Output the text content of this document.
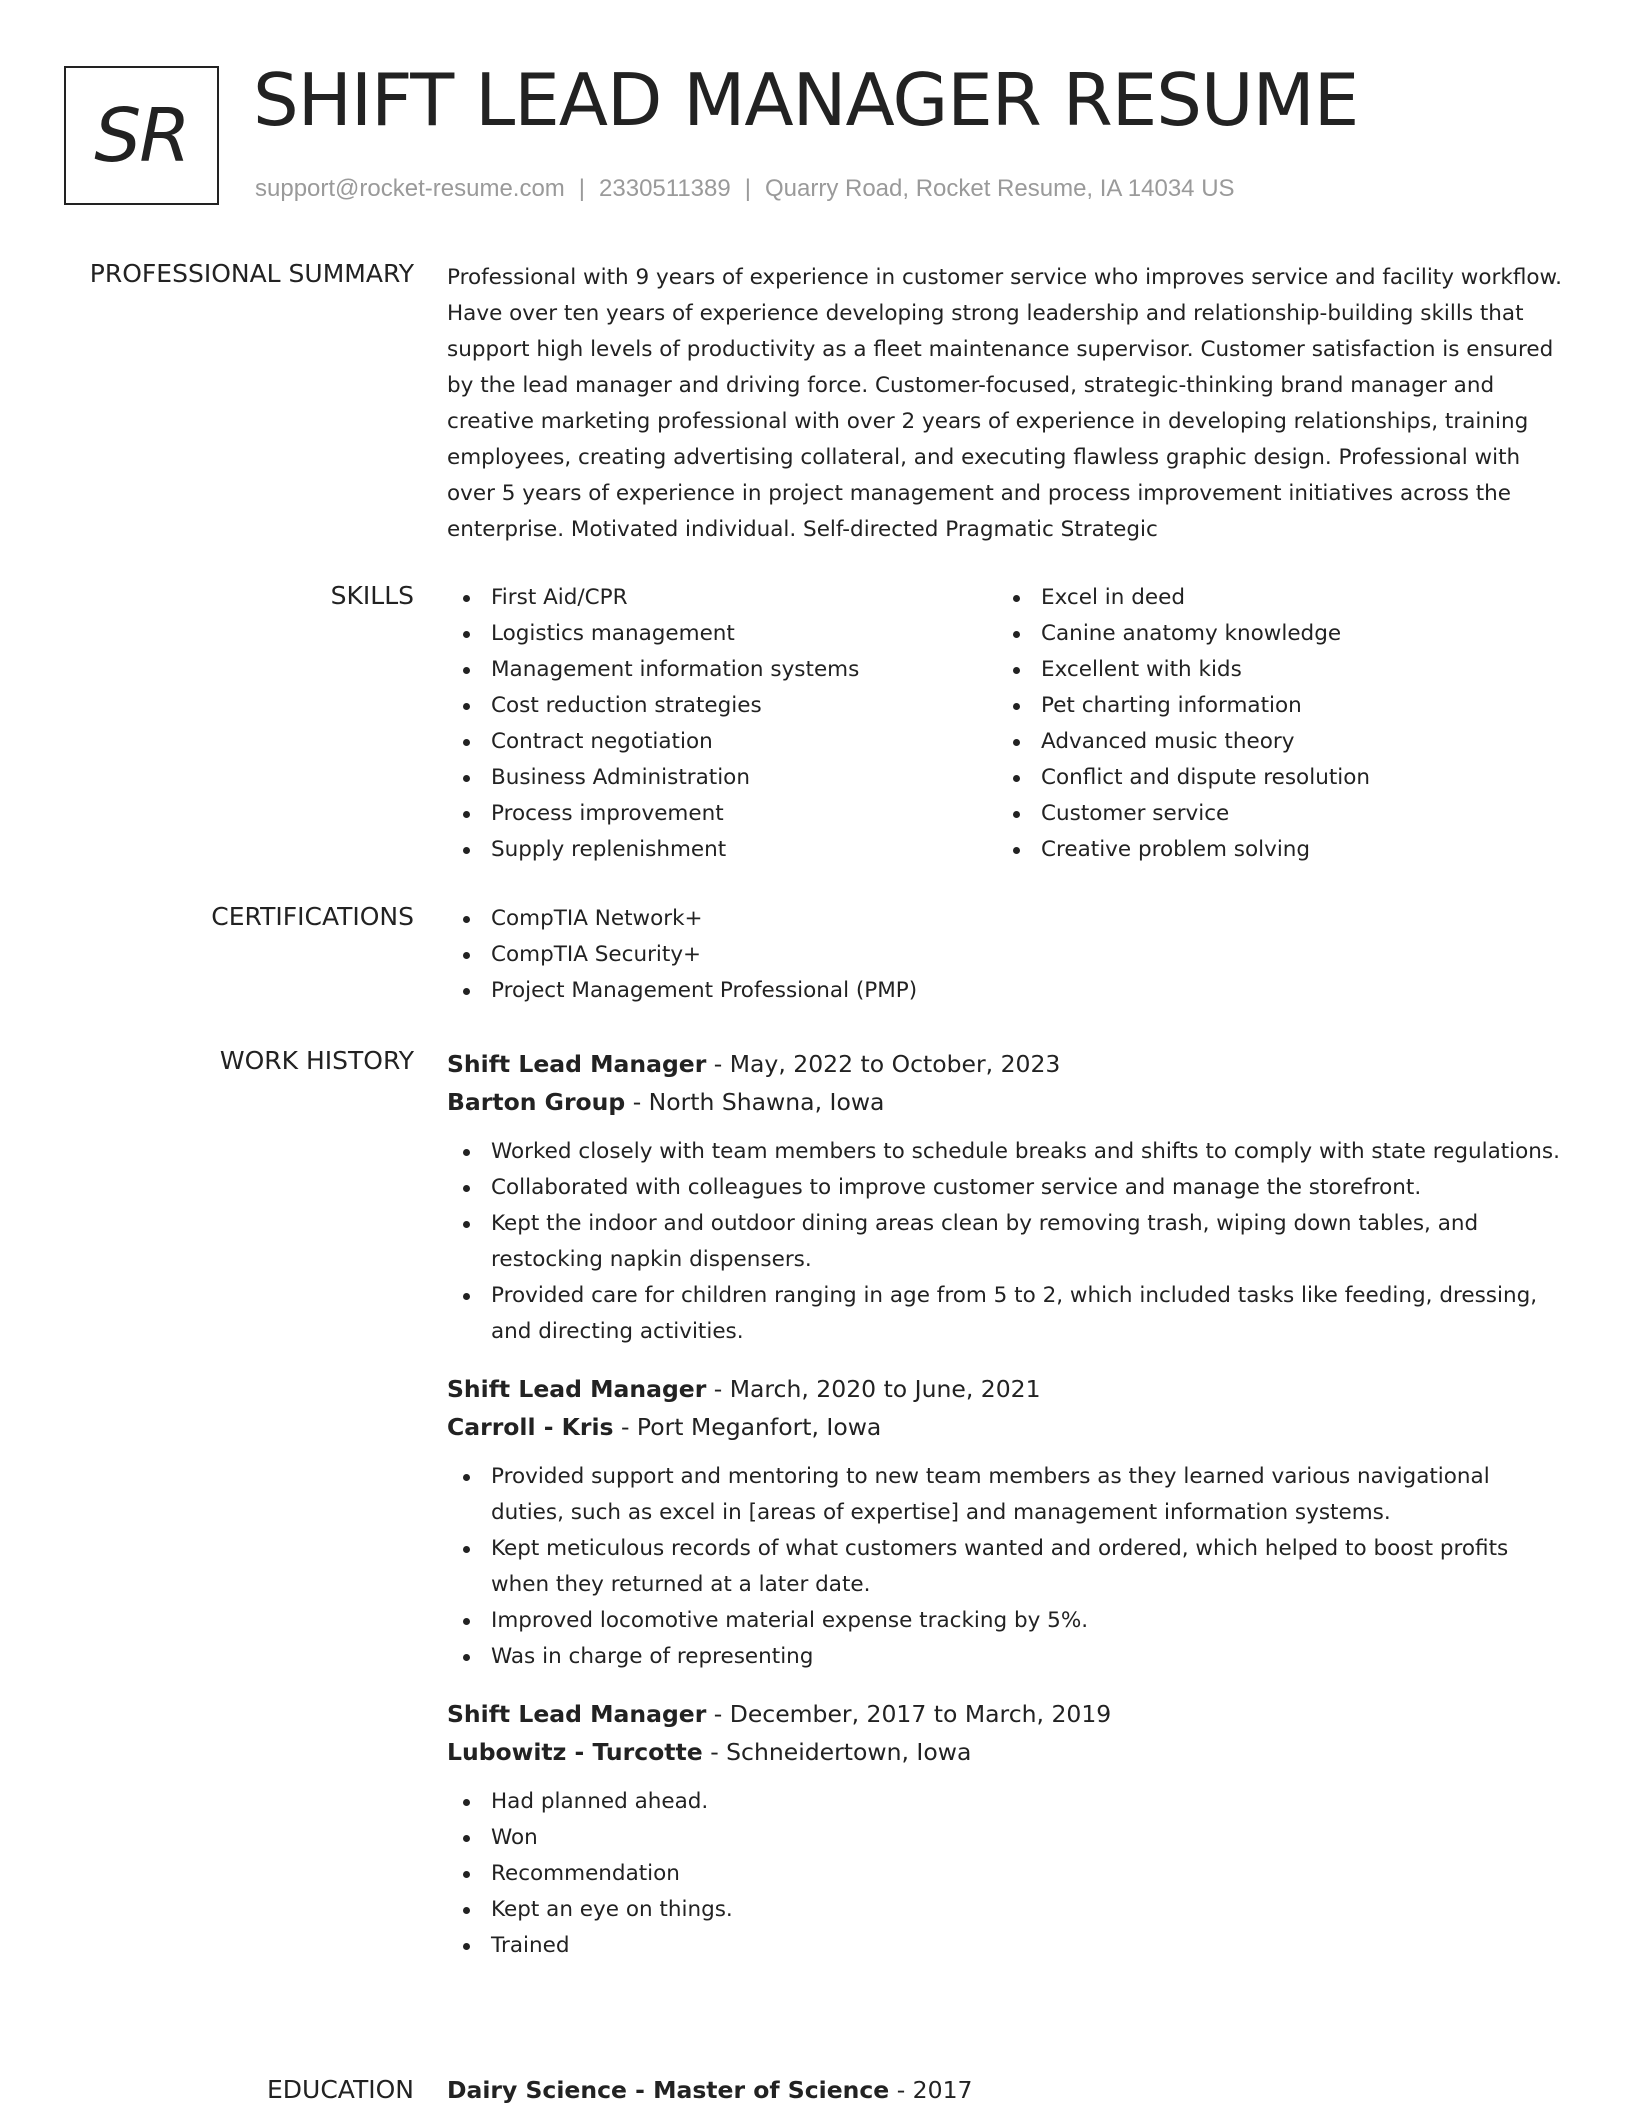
SR SHIFT LEAD MANAGER RESUME
support@rocket-resume.com | 2330511389 | Quarry Road, Rocket Resume, IA 14034 US
PROFESSIONAL SUMMARY Professional with 9 years of experience in customer service who improves service and facility workflow. Have over ten years of experience developing strong leadership and relationship-building skills that support high levels of productivity as a fleet maintenance supervisor. Customer satisfaction is ensured by the lead manager and driving force. Customer-focused, strategic-thinking brand manager and creative marketing professional with over 2 years of experience in developing relationships, training employees, creating advertising collateral, and executing flawless graphic design. Professional with over 5 years of experience in project management and process improvement initiatives across the enterprise. Motivated individual. Self-directed Pragmatic Strategic

SKILLS	First Aid/CPR
Logistics management
Management information systems
Cost reduction strategies
Contract negotiation
Business Administration
Process improvement
Supply replenishment
Excel in deed
Canine anatomy knowledge
Excellent with kids
Pet charting information
Advanced music theory
Conflict and dispute resolution
Customer service
Creative problem solving
CERTIFICATIONS	CompTIA Network+
CompTIA Security+
Project Management Professional (PMP)
WORK HISTORY Shift Lead Manager - May, 2022 to October, 2023
Barton Group - North Shawna, Iowa
Worked closely with team members to schedule breaks and shifts to comply with state regulations.
Collaborated with colleagues to improve customer service and manage the storefront.
Kept the indoor and outdoor dining areas clean by removing trash, wiping down tables, and restocking napkin dispensers.
Provided care for children ranging in age from 5 to 2, which included tasks like feeding, dressing, and directing activities.
Shift Lead Manager - March, 2020 to June, 2021
Carroll - Kris - Port Meganfort, Iowa
Provided support and mentoring to new team members as they learned various navigational duties, such as excel in [areas of expertise] and management information systems.
Kept meticulous records of what customers wanted and ordered, which helped to boost profits when they returned at a later date.
Improved locomotive material expense tracking by 5%.
Was in charge of representing
Shift Lead Manager - December, 2017 to March, 2019
Lubowitz - Turcotte - Schneidertown, Iowa
Had planned ahead.
Won
Recommendation
Kept an eye on things.
Trained
EDUCATION Dairy Science - Master of Science - 2017
